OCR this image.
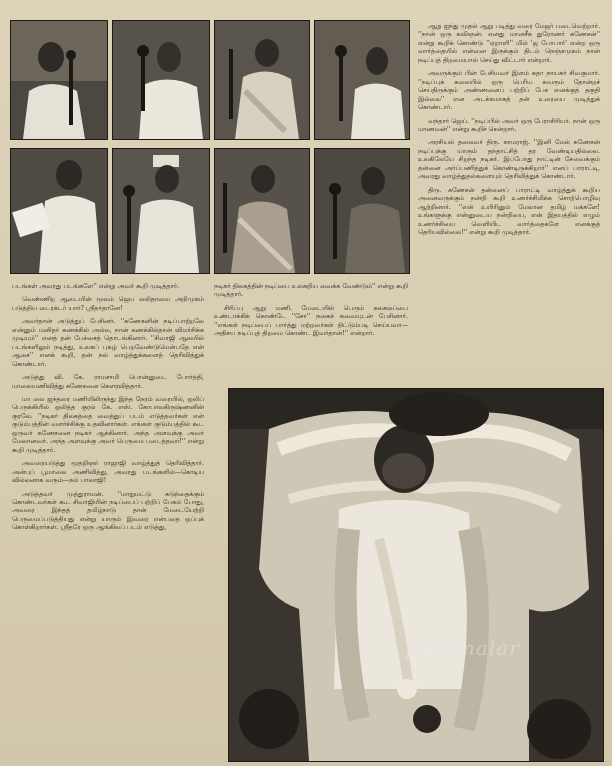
ஆறு ஐந்து முதல் ஆறு படித்து வரை மேஜர் படைவெற்றார். ''நான் ஒரு கவிஞன். எனது மானசீக துரோணர் கணேசன்'' என்று கூறிக் கொண்டு ''ஏறாளி'' மில் 'ஜ போபார்' என்ற ஒரு வார்த்தையில் என்னை இருக்கும் திடம் நெஞ்சமுகம் நான் நடிப்புத் திறமையால் செய்து விட்டார் என்றார்.

அவருக்கும் பின் பேசியவர் இளம் கதா நாயகர் சிவகுமார். ''நடிப்புக் கலையில் ஒரு பெரிய சுவரும் தோன்றச் செய்திருக்கும் அண்ணனைப் பற்றிப் பேச எனக்குத் தகுதி இல்லை'' என அடக்கமாகத் தன் உரையை முடித்துக் கொண்டார்.

வந்தார் ஜெய். ''நடிப்பில் அவர் ஒரு பேராசிரியர். நான் ஒரு மாணவன்'' என்று கூறிச் சென்றார்.

அரசியல் தலைவர் திரு. காமராஜ். ''இனி மேல் கணேசன் நடிப்புக்கு யாரும் தந்தாட்சித் தர வேண்டியதில்லை. உலகிலேயே சிறந்த நடிகர். இப்போது நாட்டின் சேவைக்கும் தன்னை அர்ப்பணித்துக் கொண்டிருக்கிறார்'' எனப் பாராட்டி, அவரது வாழ்த்துதல்களையும் தெரிவித்துக் கொண்டார்.

திரு. கணேசன் தன்னைப் பாராட்டி வாழ்த்துக் கூறிய அனைவருக்கும் நன்றி கூறி உணர்ச்சிமிக்க சொற்பொழிவு ஆற்றினார். ''என் உயிரினும் மேலான தமிழ் மக்களே! உங்களுக்கு என்னுடைய நன்றியை, என் இதயத்தில் எழும் உணர்ச்சியை வெளியிட வார்த்தைகளே எனக்குத் தெரியவில்லை!'' என்று கூறி முடித்தார்.

நடிகர் திலகத்தின் நடிப்பை உலகறிய வைக்க வேண்டும்'' என்று கூறி முடித்தார்.

சிரிப்பு ஆறு மணி. மேடையில் பெரும் கலகலப்பை உண்டாக்கிக் கொண்டே ''சோ'' நகைச் சுவையுடன் பேசினார். ''எங்கள் நடிப்பைப் பார்த்து மற்றவர்கள் திட்டும்படி செய்யவா—அதிசய நடிப்புத் திறமை கொண்ட இவர்தான்!'' என்றார்.

படங்கள் அவரது படங்களே'' என்று அவர் கூறி முடித்தார்.

வெண்ணிற ஆடையின் மூலம் ஜெய லலிதாவை அறிமுகம் படுத்திய டைரக்டர் யார்? ஸ்ரீதர்தானே!

அவர்தான் அடுத்துப் பேசினர். ''கணேசனின் நடிப்பாற்றலே என்னும் மனிதர் கணக்கில் அல்ல, நான் கணக்கில்தான் விமர்சிக்க முடியும்'' எனத் தன் பேச்சைத் தொடங்கினார். ''சிவாஜி ஆலயில் படங்களிலும் நடித்து, உலகப் புகழ் பெறவேண்டுமென்பதே என் ஆசை'' எனக் கூறி, தன் நல் வாழ்த்துக்களைத் தெரிவித்துக் கொண்டார்.

அடுத்து வி. கே. ராமசாமி பொன்னுடை போர்த்தி, மாலையணிவித்து கணேசனை கௌரவித்தார்.

மா லை ஐந்தரை மணியிலிருந்து இந்த நேரம் வரையில், ஒலிப் பெருக்கியில் ஒலித்த குரல் கே. எஸ். கோபாலகிருஷ்ணனின் குரலே. ''நடிகர் திலகத்தை வைத்துப் படம் எடுத்தவர்கள் என் குடும்பத்தின் வளர்ச்சிக்கு உதவினார்கள். எங்கள் குடும்பத்தில் கூட ஒருவர் கணேசனை நடிகர் ஆக்கினார். அந்த அளவுக்கு அவர் மேலானவர். அந்த அளவுக்கு அவர் பெருமை படைத்தவர்!'' என்று கூறி முடித்தார்.

அவரையடுத்து மூதறிஞர் ராஜாஜி வாழ்த்துத் தெரிவித்தார். அன்புப் பூமாலை அணிவித்து, அவரது படங்களில்—கொடிய வில்லனாக வரும்—நம் பாலாஜி!

அடுத்தவர் முத்துராமன். ''மாநுமட்டு கடுந்தைக்கும் கொண்டவர்கள் கூட சிவாஜியின் நடிப்பைப் பற்றிப் பேசும் போது, அவரை இந்தத் தமிழ்நாடு தான் மேடையேற்றி பெருமைப்படுத்தியது என்று யாரும் இவரை என்பதை ஒப்புக் கொள்கிறார்கள். ஸ்ரீதரே ஒரு ஆங்கிலப் படம் எடுத்து,

perumalar
